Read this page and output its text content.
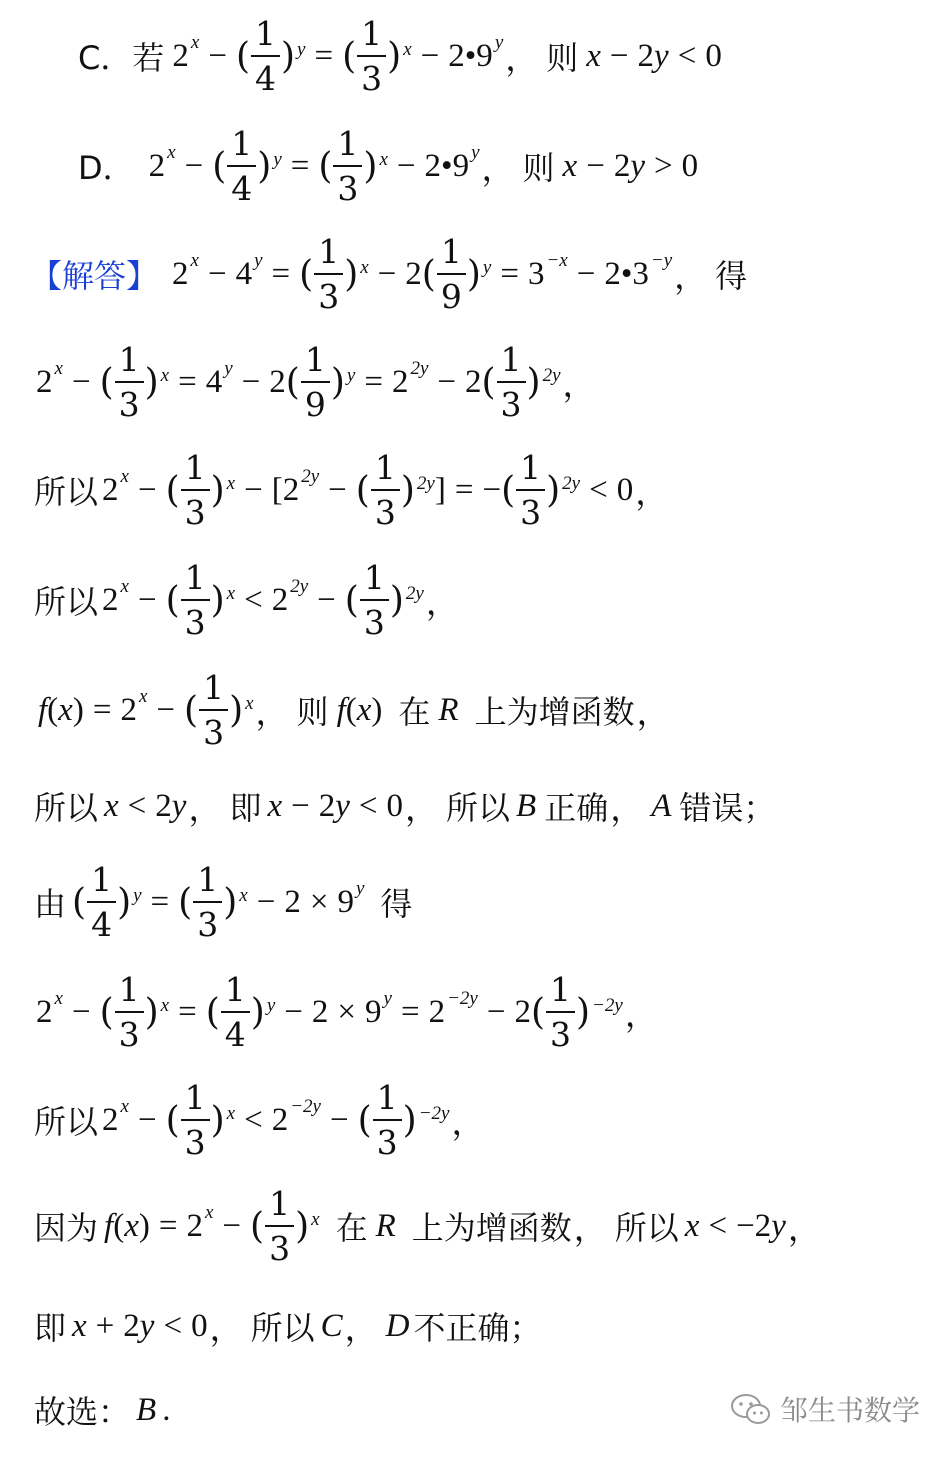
C． 若 2 $^x$ − ( $\frac{1}{4} )^y$ = ( $\frac{1}{3} )^x$ − 2•9 $^y$ ， 则 x − 2 y < 0
D． 2 $^x$ − ( $\frac{1}{4} )^y$ = ( $\frac{1}{3} )^x$ − 2•9 $^y$ ， 则 x − 2 y > 0
【解答】 2 $^x$ − 4 $^y$ = ( $\frac{1}{3} )^x - 2$ ( $\frac{1}{9} )^y = 3$ $^{-x}$ − 2•3 $^{-y}$ ， 得
2 $^x$ − ( $\frac{1}{3} )^x = 4$ $^y$ − 2 ( $\frac{1}{9} )^y = 2$ $^{2y}$ − 2 ( $\frac{1}{3} )^{2y}$ ，
所以 2 $^x$ − ( $\frac{1}{3} )^x - [2$ $^{2y}$ − ( $\frac{1}{3} )^{2y}$ ] = − ( $\frac{1}{3} )^{2y} < 0$ ，
所以 2 $^x$ − ( $\frac{1}{3} )^x < 2$ $^{2y}$ − ( $\frac{1}{3} )^{2y}$ ，
f ( x ) = 2 $^x$ − ( $\frac{1}{3} )^x$ ， 则 f ( x ) 在 R 上为增函数 ，
所以 x < 2 y ， 即 x − 2 y < 0 ， 所以 B 正确 ， A 错误 ；
由 ( $\frac{1}{4} )^y$ = ( $\frac{1}{3} )^x - 2 \times 9$ $^y$ 得
2 $^x$ − ( $\frac{1}{3} )^x$ = ( $\frac{1}{4} )^y - 2 \times 9$ $^y$ = 2 $^{-2y}$ − 2 ( $\frac{1}{3} )^{-2y}$ ，
所以 2 $^x$ − ( $\frac{1}{3} )^x < 2$ $^{-2y}$ − ( $\frac{1}{3} )^{-2y}$ ，
因为 f ( x ) = 2 $^x$ − ( $\frac{1}{3} )^x$ 在 R 上为增函数 ， 所以 x < −2 y ，
即 x + 2 y < 0 ， 所以 C ， D 不正确 ；
故选： B .	邹生书数学
